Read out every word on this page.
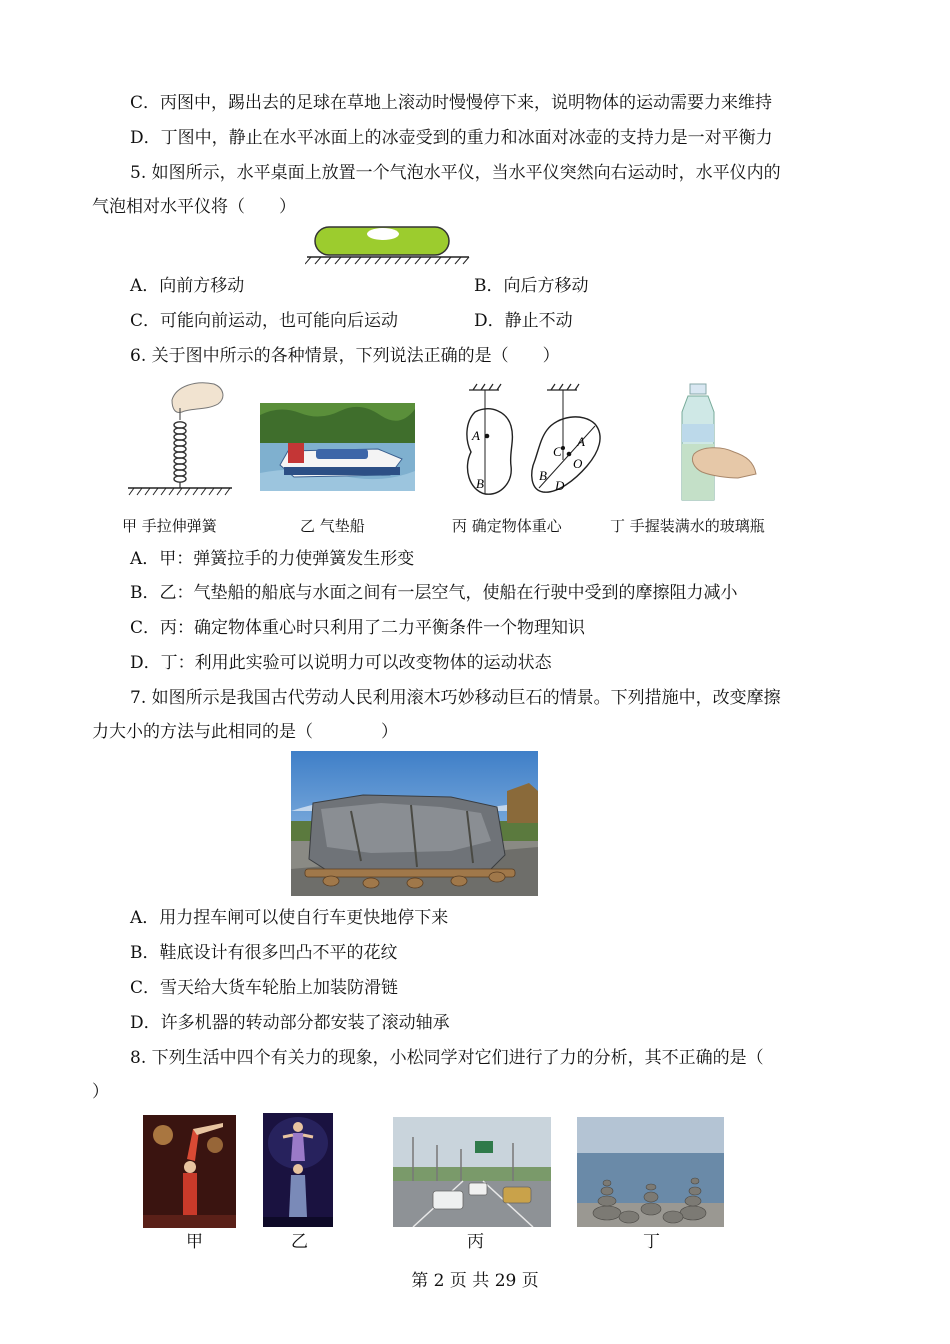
C．丙图中，踢出去的足球在草地上滚动时慢慢停下来，说明物体的运动需要力来维持
D．丁图中，静止在水平冰面上的冰壶受到的重力和冰面对冰壶的支持力是一对平衡力
5. 如图所示，水平桌面上放置一个气泡水平仪，当水平仪突然向右运动时，水平仪内的
气泡相对水平仪将（　　）
A．向前方移动	B．向后方移动
C．可能向前运动，也可能向后运动	D．静止不动
6. 关于图中所示的各种情景，下列说法正确的是（　　）
A
B
A
C
O
B
D
甲 手拉伸弹簧	乙 气垫船	丙 确定物体重心	丁 手握装满水的玻璃瓶
A．甲：弹簧拉手的力使弹簧发生形变
B．乙：气垫船的船底与水面之间有一层空气，使船在行驶中受到的摩擦阻力减小
C．丙：确定物体重心时只利用了二力平衡条件一个物理知识
D．丁：利用此实验可以说明力可以改变物体的运动状态
7. 如图所示是我国古代劳动人民利用滚木巧妙移动巨石的情景。下列措施中，改变摩擦
力大小的方法与此相同的是（　　　　）
A．用力捏车闸可以使自行车更快地停下来
B．鞋底设计有很多凹凸不平的花纹
C．雪天给大货车轮胎上加装防滑链
D．许多机器的转动部分都安装了滚动轴承
8. 下列生活中四个有关力的现象，小松同学对它们进行了力的分析，其不正确的是（
）
甲	乙	丙	丁
第 2 页 共 29 页
